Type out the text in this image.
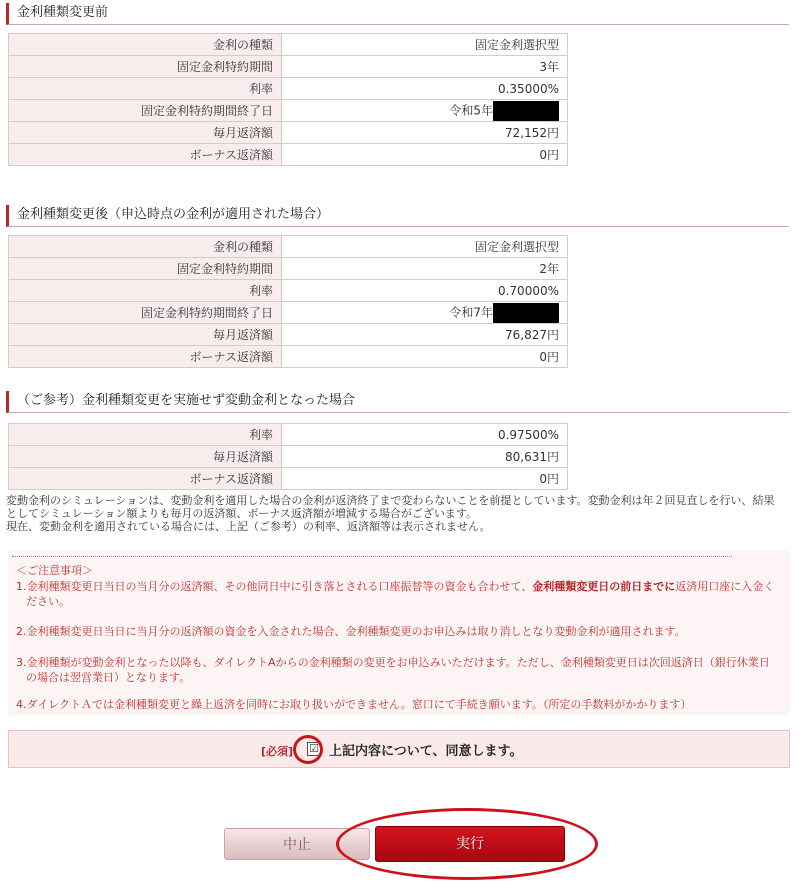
金利種類変更前
金利の種類	固定金利選択型
固定金利特約期間	3年
利率	0.35000%
固定金利特約期間終了日	令和5年
毎月返済額	72,152円
ボーナス返済額	0円
金利種類変更後（申込時点の金利が適用された場合）
金利の種類	固定金利選択型
固定金利特約期間	2年
利率	0.70000%
固定金利特約期間終了日	令和7年
毎月返済額	76,827円
ボーナス返済額	0円
（ご参考）金利種類変更を実施せず変動金利となった場合
利率	0.97500%
毎月返済額	80,631円
ボーナス返済額	0円
変動金利のシミュレーションは、変動金利を適用した場合の金利が返済終了まで変わらないことを前提としています。変動金利は年２回見直しを行い、結果
としてシミュレーション額よりも毎月の返済額、ボーナス返済額が増減する場合がございます。
現在、変動金利を適用されている場合には、上記（ご参考）の利率、返済額等は表示されません。
＜ご注意事項＞
1.金利種類変更日当日の当月分の返済額、その他同日中に引き落とされる口座振替等の資金も合わせて、金利種類変更日の前日までに返済用口座に入金く
ださい。
2.金利種類変更日当日に当月分の返済額の資金を入金された場合、金利種類変更のお申込みは取り消しとなり変動金利が適用されます。
3.金利種類が変動金利となった以降も、ダイレクトAからの金利種類の変更をお申込みいただけます。ただし、金利種類変更日は次回返済日（銀行休業日
の場合は翌営業日）となります。
4.ダイレクトＡでは金利種類変更と繰上返済を同時にお取り扱いができません。窓口にて手続き願います。（所定の手数料がかかります）
[必須] ☑ 上記内容について、同意します。
中止	実行
